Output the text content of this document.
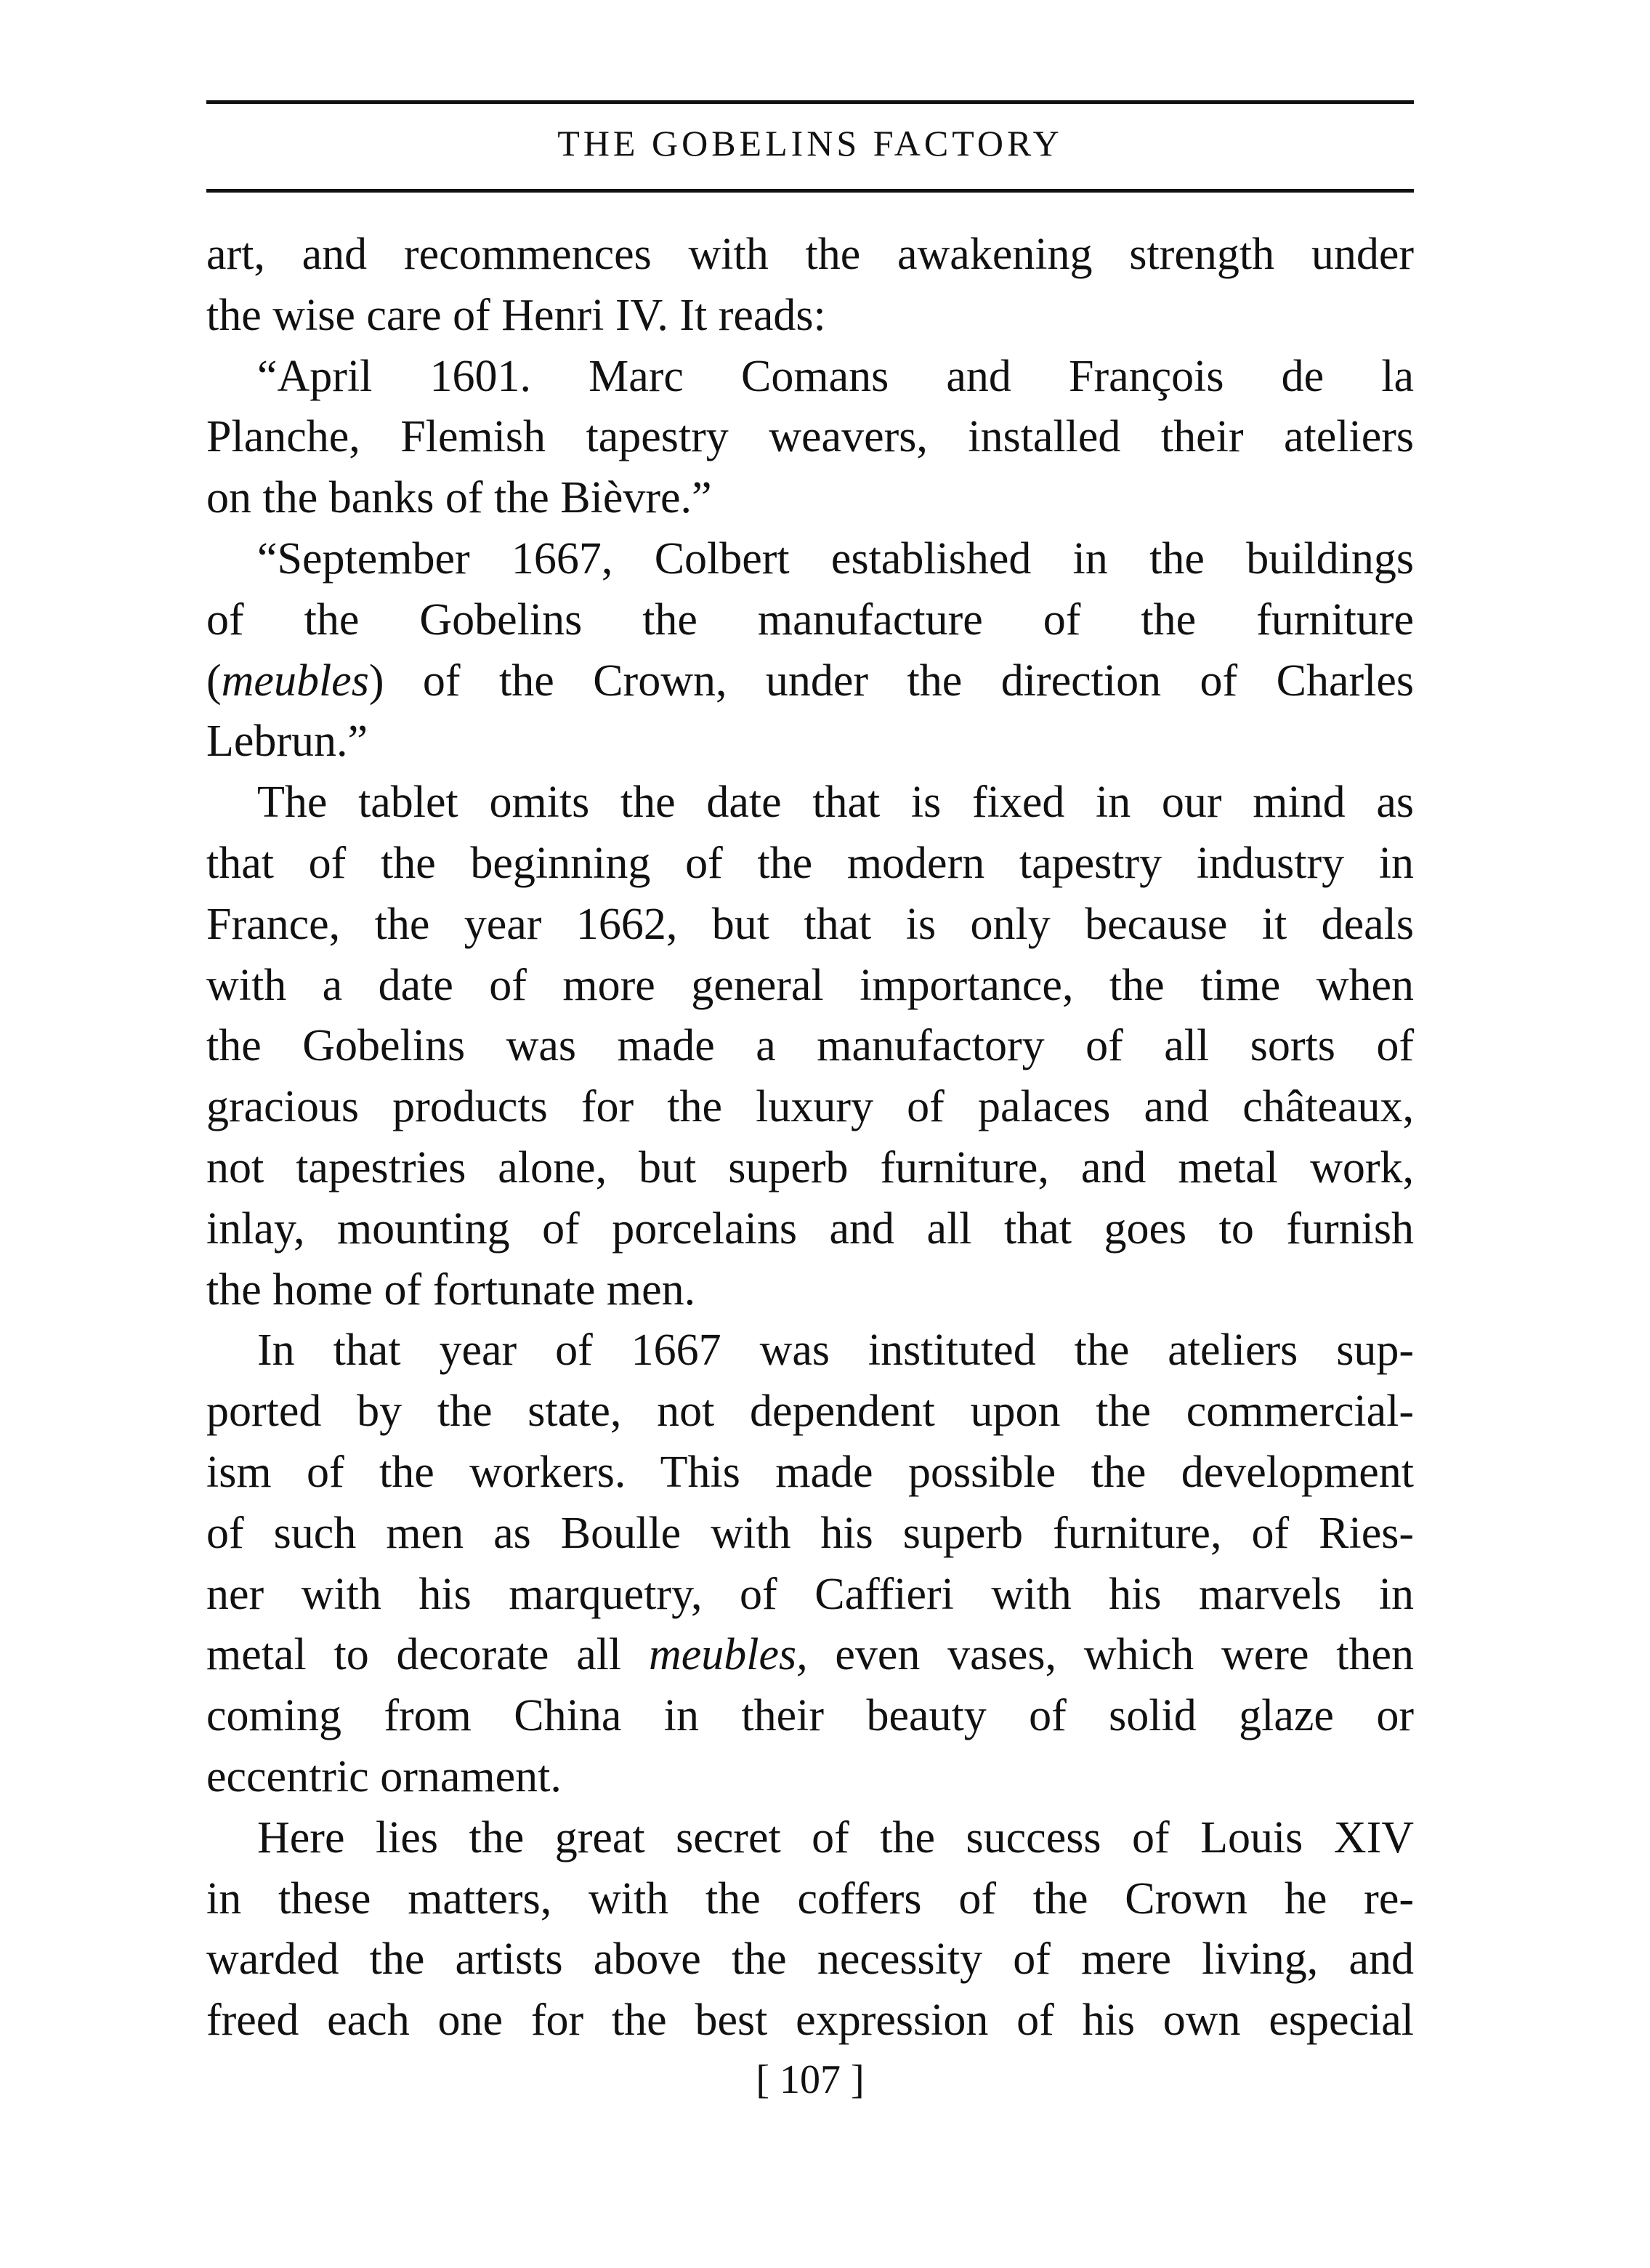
THE GOBELINS FACTORY
art, and recommences with the awakening strength under
the wise care of Henri IV. It reads:
“April 1601. Marc Comans and François de la
Planche, Flemish tapestry weavers, installed their ateliers
on the banks of the Bièvre.”
“September 1667, Colbert established in the buildings
of the Gobelins the manufacture of the furniture
(meubles) of the Crown, under the direction of Charles
Lebrun.”
The tablet omits the date that is fixed in our mind as
that of the beginning of the modern tapestry industry in
France, the year 1662, but that is only because it deals
with a date of more general importance, the time when
the Gobelins was made a manufactory of all sorts of
gracious products for the luxury of palaces and châteaux,
not tapestries alone, but superb furniture, and metal work,
inlay, mounting of porcelains and all that goes to furnish
the home of fortunate men.
In that year of 1667 was instituted the ateliers sup-
ported by the state, not dependent upon the commercial-
ism of the workers. This made possible the development
of such men as Boulle with his superb furniture, of Ries-
ner with his marquetry, of Caffieri with his marvels in
metal to decorate all meubles, even vases, which were then
coming from China in their beauty of solid glaze or
eccentric ornament.
Here lies the great secret of the success of Louis XIV
in these matters, with the coffers of the Crown he re-
warded the artists above the necessity of mere living, and
freed each one for the best expression of his own especial
[ 107 ]
